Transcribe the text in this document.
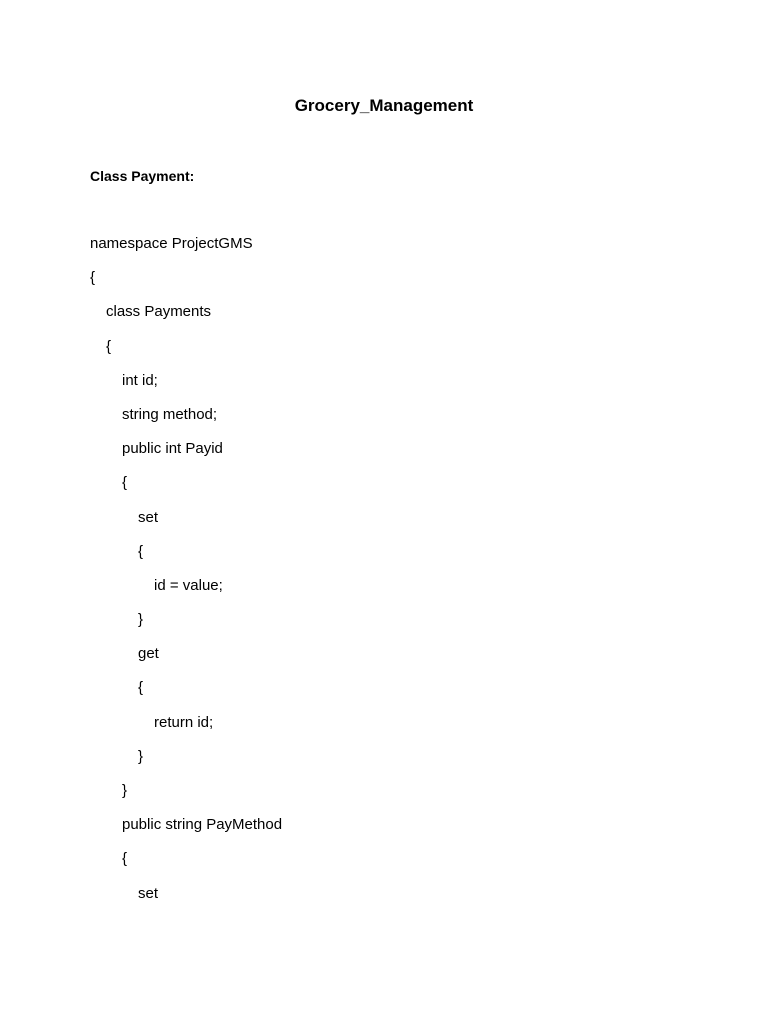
Grocery_Management
Class Payment:
namespace ProjectGMS
{
class Payments
{
int id;
string method;
public int Payid
{
set
{
id = value;
}
get
{
return id;
}
}
public string PayMethod
{
set
